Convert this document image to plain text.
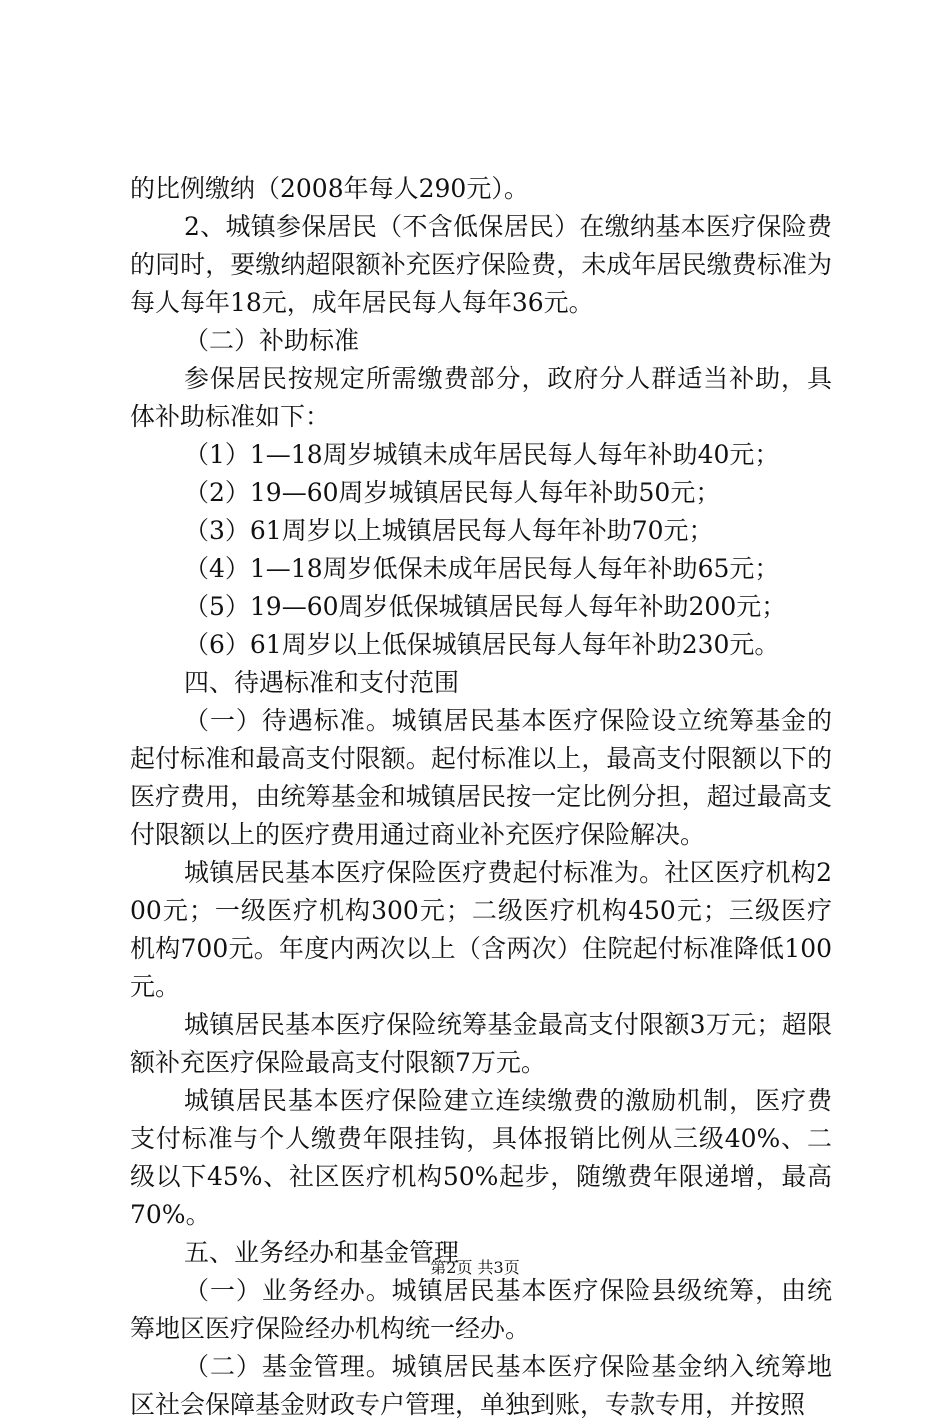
的比例缴纳（2008年每人290元）。

2、城镇参保居民（不含低保居民）在缴纳基本医疗保险费的同时，要缴纳超限额补充医疗保险费，未成年居民缴费标准为每人每年18元，成年居民每人每年36元。

（二）补助标准

参保居民按规定所需缴费部分，政府分人群适当补助，具体补助标准如下：

（1）1—18周岁城镇未成年居民每人每年补助40元；

（2）19—60周岁城镇居民每人每年补助50元；

（3）61周岁以上城镇居民每人每年补助70元；

（4）1—18周岁低保未成年居民每人每年补助65元；

（5）19—60周岁低保城镇居民每人每年补助200元；

（6）61周岁以上低保城镇居民每人每年补助230元。

四、待遇标准和支付范围

（一）待遇标准。城镇居民基本医疗保险设立统筹基金的起付标准和最高支付限额。起付标准以上，最高支付限额以下的医疗费用，由统筹基金和城镇居民按一定比例分担，超过最高支付限额以上的医疗费用通过商业补充医疗保险解决。

城镇居民基本医疗保险医疗费起付标准为。社区医疗机构200元；一级医疗机构300元；二级医疗机构450元；三级医疗机构700元。年度内两次以上（含两次）住院起付标准降低100元。

城镇居民基本医疗保险统筹基金最高支付限额3万元；超限额补充医疗保险最高支付限额7万元。

城镇居民基本医疗保险建立连续缴费的激励机制，医疗费支付标准与个人缴费年限挂钩，具体报销比例从三级40%、二级以下45%、社区医疗机构50%起步，随缴费年限递增，最高70%。

五、业务经办和基金管理

（一）业务经办。城镇居民基本医疗保险县级统筹，由统筹地区医疗保险经办机构统一经办。

（二）基金管理。城镇居民基本医疗保险基金纳入统筹地区社会保障基金财政专户管理，单独到账，专款专用，并按照

第2页 共3页
